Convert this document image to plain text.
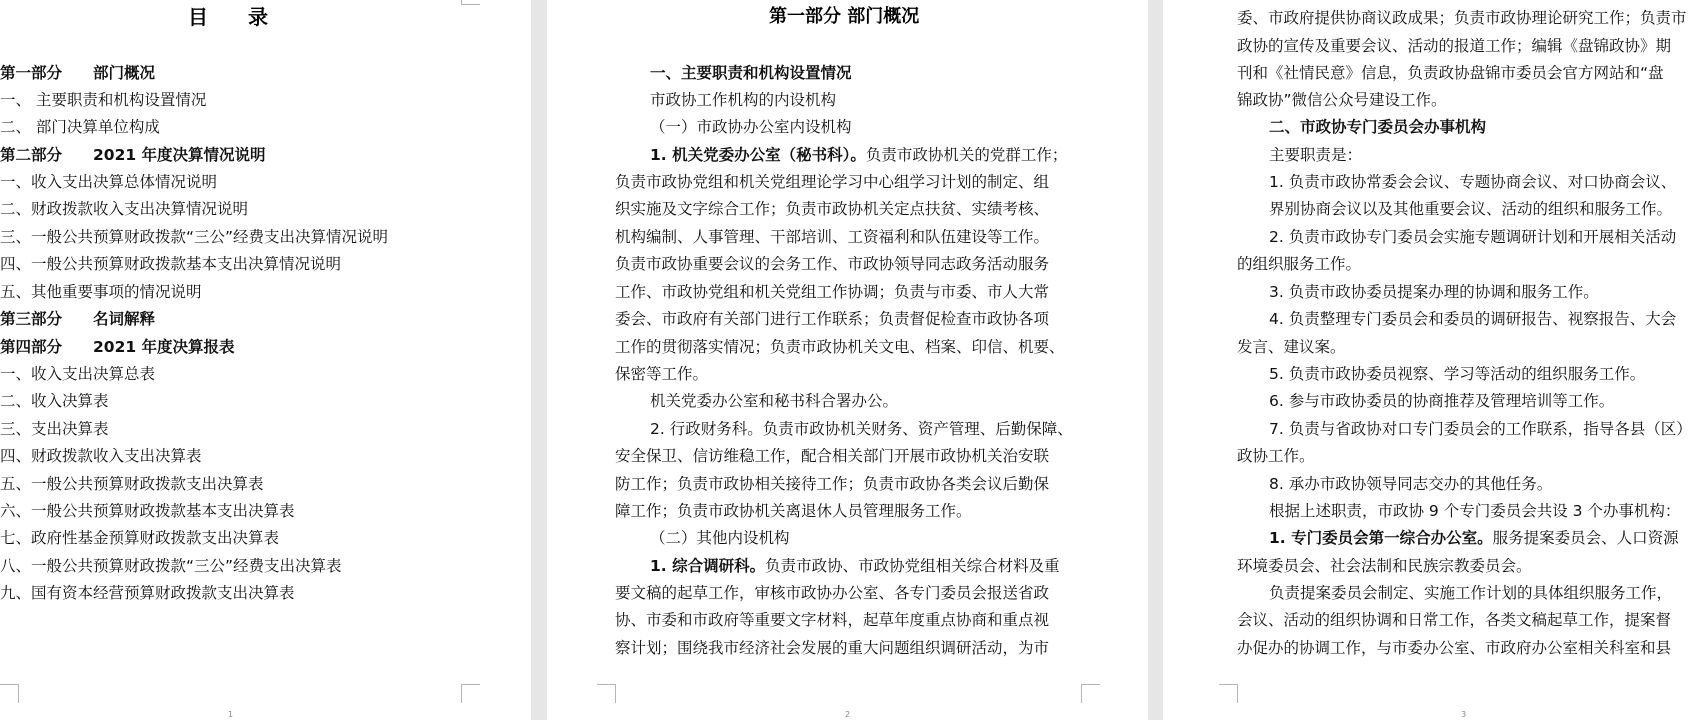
目　　录
第一部分　　部门概况
一、 主要职责和机构设置情况
二、 部门决算单位构成
第二部分　　2021 年度决算情况说明
一、收入支出决算总体情况说明
二、财政拨款收入支出决算情况说明
三、一般公共预算财政拨款“三公”经费支出决算情况说明
四、一般公共预算财政拨款基本支出决算情况说明
五、其他重要事项的情况说明
第三部分　　名词解释
第四部分　　2021 年度决算报表
一、收入支出决算总表
二、收入决算表
三、支出决算表
四、财政拨款收入支出决算表
五、一般公共预算财政拨款支出决算表
六、一般公共预算财政拨款基本支出决算表
七、政府性基金预算财政拨款支出决算表
八、一般公共预算财政拨款“三公”经费支出决算表
九、国有资本经营预算财政拨款支出决算表
1
第一部分 部门概况
一、主要职责和机构设置情况
市政协工作机构的内设机构
（一）市政协办公室内设机构
1. 机关党委办公室（秘书科）。负责市政协机关的党群工作；
负责市政协党组和机关党组理论学习中心组学习计划的制定、组
织实施及文字综合工作；负责市政协机关定点扶贫、实绩考核、
机构编制、人事管理、干部培训、工资福利和队伍建设等工作。
负责市政协重要会议的会务工作、市政协领导同志政务活动服务
工作、市政协党组和机关党组工作协调；负责与市委、市人大常
委会、市政府有关部门进行工作联系；负责督促检查市政协各项
工作的贯彻落实情况；负责市政协机关文电、档案、印信、机要、
保密等工作。
机关党委办公室和秘书科合署办公。
2. 行政财务科。负责市政协机关财务、资产管理、后勤保障、
安全保卫、信访维稳工作，配合相关部门开展市政协机关治安联
防工作；负责市政协相关接待工作；负责市政协各类会议后勤保
障工作；负责市政协机关离退休人员管理服务工作。
（二）其他内设机构
1. 综合调研科。负责市政协、市政协党组相关综合材料及重
要文稿的起草工作，审核市政协办公室、各专门委员会报送省政
协、市委和市政府等重要文字材料，起草年度重点协商和重点视
察计划；围绕我市经济社会发展的重大问题组织调研活动，为市
2
委、市政府提供协商议政成果；负责市政协理论研究工作；负责市
政协的宣传及重要会议、活动的报道工作；编辑《盘锦政协》期
刊和《社情民意》信息，负责政协盘锦市委员会官方网站和“盘
锦政协”微信公众号建设工作。
二、市政协专门委员会办事机构
主要职责是：
1. 负责市政协常委会会议、专题协商会议、对口协商会议、
界别协商会议以及其他重要会议、活动的组织和服务工作。
2. 负责市政协专门委员会实施专题调研计划和开展相关活动
的组织服务工作。
3. 负责市政协委员提案办理的协调和服务工作。
4. 负责整理专门委员会和委员的调研报告、视察报告、大会
发言、建议案。
5. 负责市政协委员视察、学习等活动的组织服务工作。
6. 参与市政协委员的协商推荐及管理培训等工作。
7. 负责与省政协对口专门委员会的工作联系，指导各县（区）
政协工作。
8. 承办市政协领导同志交办的其他任务。
根据上述职责，市政协 9 个专门委员会共设 3 个办事机构：
1. 专门委员会第一综合办公室。服务提案委员会、人口资源
环境委员会、社会法制和民族宗教委员会。
负责提案委员会制定、实施工作计划的具体组织服务工作，
会议、活动的组织协调和日常工作，各类文稿起草工作，提案督
办促办的协调工作，与市委办公室、市政府办公室相关科室和县
3
